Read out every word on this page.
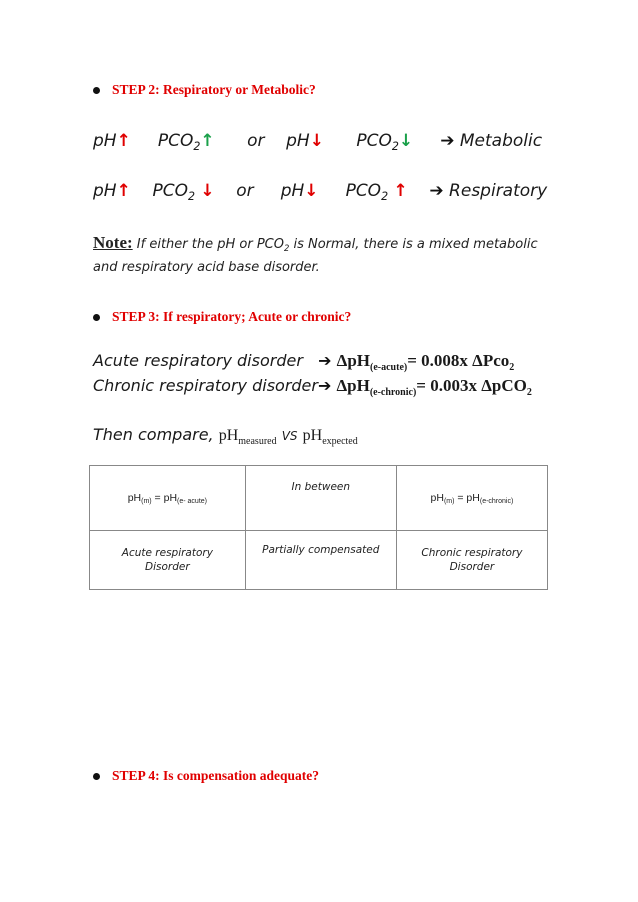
STEP 2: Respiratory or Metabolic?
pH↑ $PCO_2↑$ or pH↓ $PCO_2↓$ ➔ Metabolic
pH↑ $PCO_2$ ↓ or pH↓ $PCO_2$ ↑ ➔ Respiratory
Note: If either the pH or $PCO_2$ is Normal, there is a mixed metabolic and respiratory acid base disorder.
STEP 3: If respiratory; Acute or chronic?
Acute respiratory disorder ➔ ΔpH$_{(e-acute)}$= 0.008x ΔPco$_2$
Chronic respiratory disorder➔ ΔpH$_{(e-chronic)}$= 0.003x ΔpCO$_2$
Then compare, $pH_{measured}$ VS $pH_{expected}$
pH(m) = pH(e- acute)	In between	pH(m) = pH(e-chronic)
Acute respiratory Disorder	Partially compensated	Chronic respiratory Disorder
STEP 4: Is compensation adequate?
